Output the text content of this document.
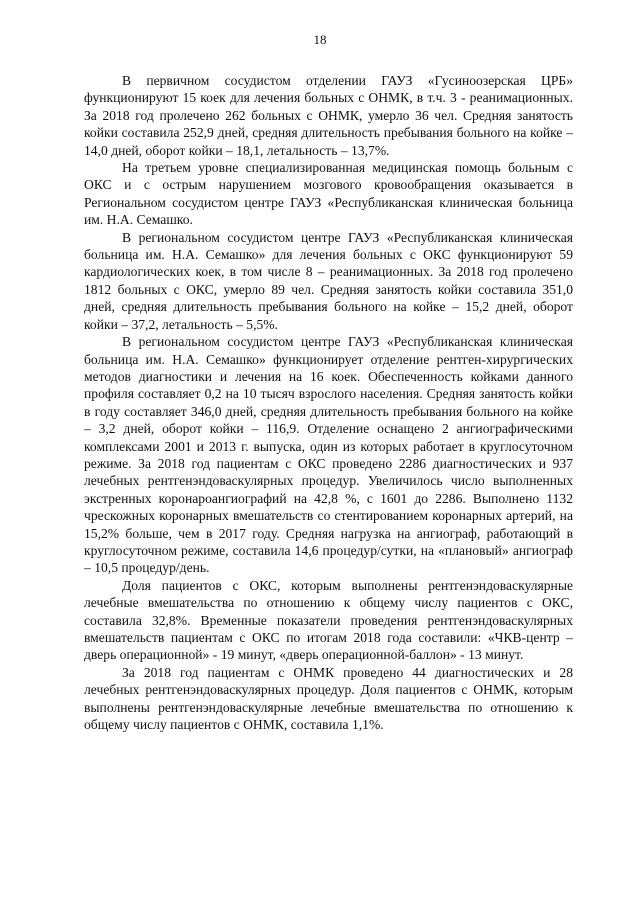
18

В первичном сосудистом отделении ГАУЗ «Гусиноозерская ЦРБ» функционируют 15 коек для лечения больных с ОНМК, в т.ч. 3 - реанимационных. За 2018 год пролечено 262 больных с ОНМК, умерло 36 чел. Средняя занятость койки составила 252,9 дней, средняя длительность пребывания больного на койке – 14,0 дней, оборот койки – 18,1, летальность – 13,7%.

На третьем уровне специализированная медицинская помощь больным с ОКС и с острым нарушением мозгового кровообращения оказывается в Региональном сосудистом центре ГАУЗ «Республиканская клиническая больница им. Н.А. Семашко.

В региональном сосудистом центре ГАУЗ «Республиканская клиническая больница им. Н.А. Семашко» для лечения больных с ОКС функционируют 59 кардиологических коек, в том числе 8 – реанимационных. За 2018 год пролечено 1812 больных с ОКС, умерло 89 чел. Средняя занятость койки составила 351,0 дней, средняя длительность пребывания больного на койке – 15,2 дней, оборот койки – 37,2, летальность – 5,5%.

В региональном сосудистом центре ГАУЗ «Республиканская клиническая больница им. Н.А. Семашко» функционирует отделение рентген-хирургических методов диагностики и лечения на 16 коек. Обеспеченность койками данного профиля составляет 0,2 на 10 тысяч взрослого населения. Средняя занятость койки в году составляет 346,0 дней, средняя длительность пребывания больного на койке – 3,2 дней, оборот койки – 116,9. Отделение оснащено 2 ангиографическими комплексами 2001 и 2013 г. выпуска, один из которых работает в круглосуточном режиме. За 2018 год пациентам с ОКС проведено 2286 диагностических и 937 лечебных рентгенэндоваскулярных процедур. Увеличилось число выполненных экстренных коронароангиографий на 42,8 %, с 1601 до 2286. Выполнено 1132 чрескожных коронарных вмешательств со стентированием коронарных артерий, на 15,2% больше, чем в 2017 году. Средняя нагрузка на ангиограф, работающий в круглосуточном режиме, составила 14,6 процедур/сутки, на «плановый» ангиограф – 10,5 процедур/день.

Доля пациентов с ОКС, которым выполнены рентгенэндоваскулярные лечебные вмешательства по отношению к общему числу пациентов с ОКС, составила 32,8%. Временные показатели проведения рентгенэндоваскулярных вмешательств пациентам с ОКС по итогам 2018 года составили: «ЧКВ-центр – дверь операционной» - 19 минут, «дверь операционной-баллон» - 13 минут.

За 2018 год пациентам с ОНМК проведено 44 диагностических и 28 лечебных рентгенэндоваскулярных процедур. Доля пациентов с ОНМК, которым выполнены рентгенэндоваскулярные лечебные вмешательства по отношению к общему числу пациентов с ОНМК, составила 1,1%.
